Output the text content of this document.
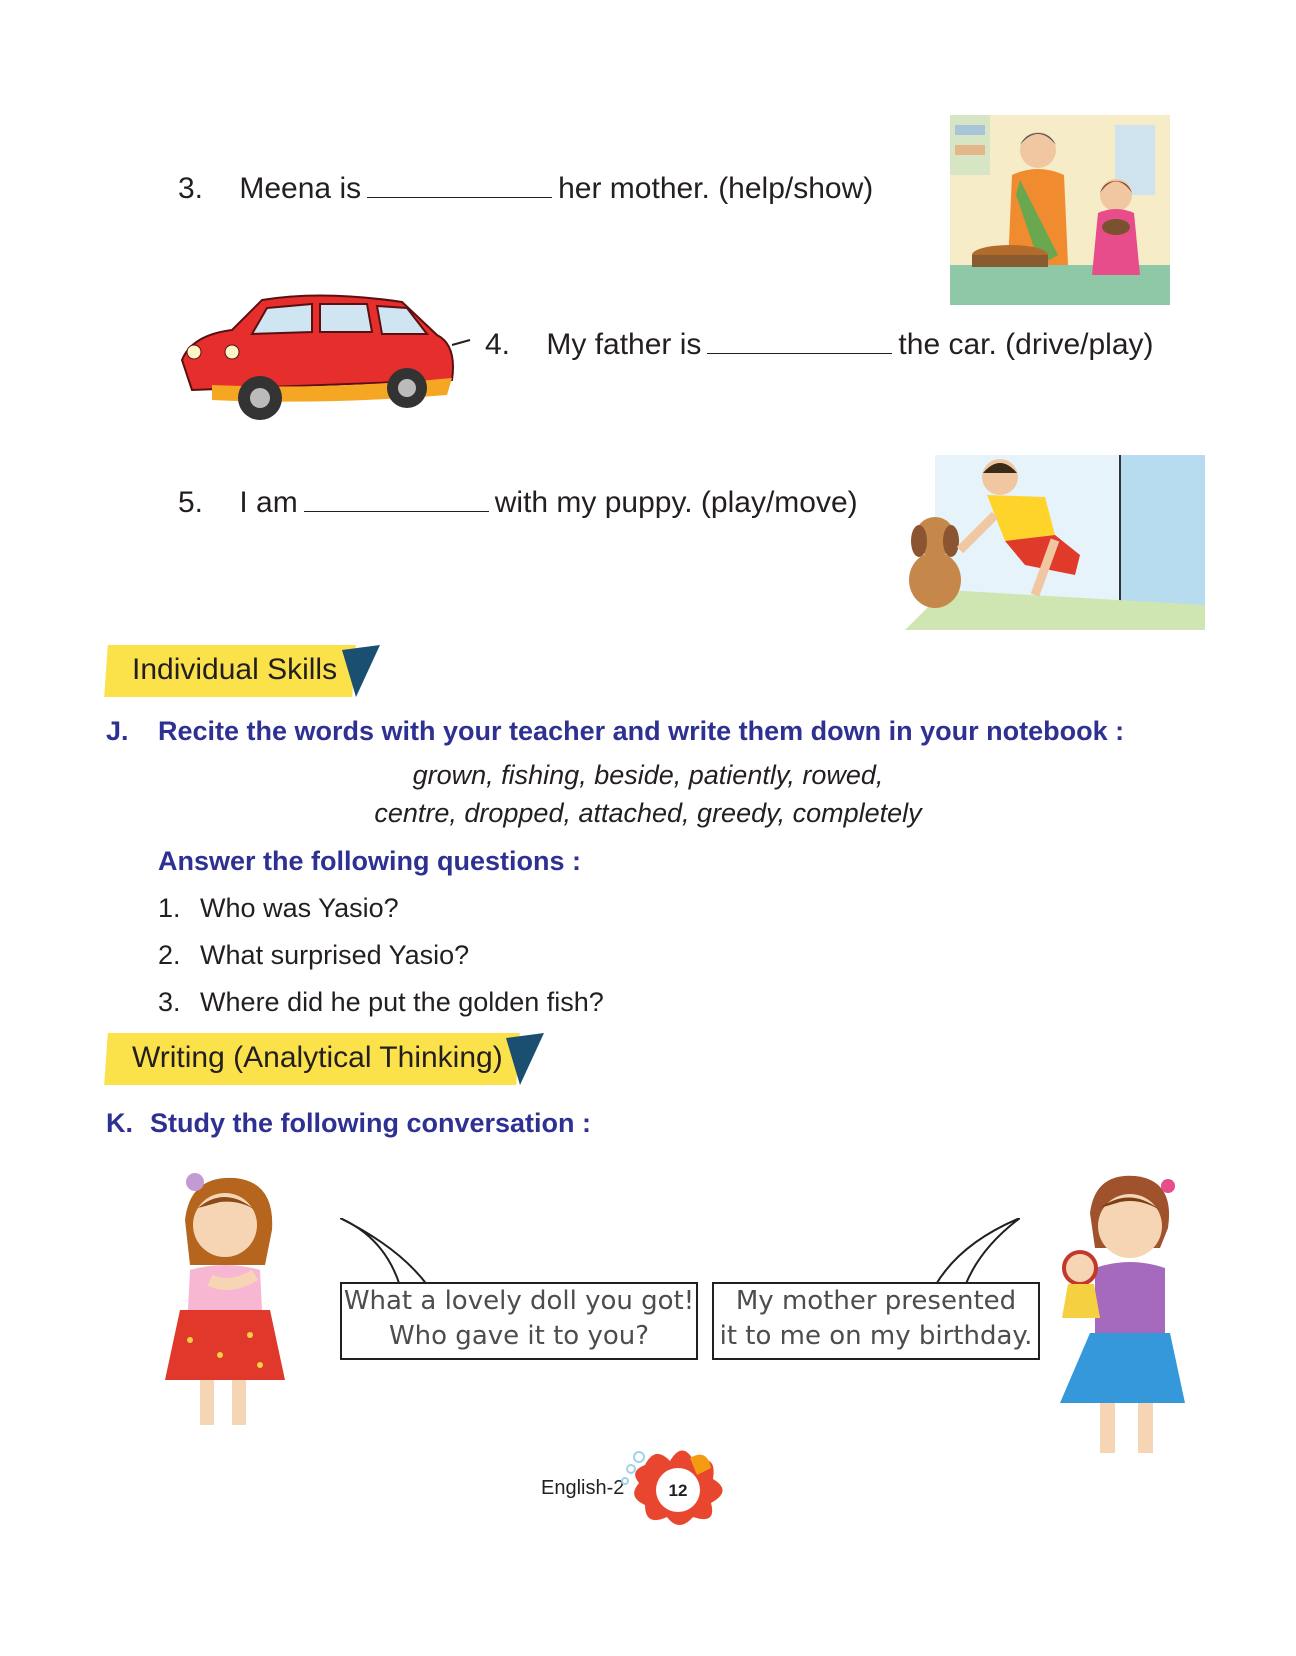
3. Meena is	her mother. (help/show)
4. My father is	the car. (drive/play)
5. I am	with my puppy. (play/move)
Individual Skills
J. Recite the words with your teacher and write them down in your notebook :
grown, fishing, beside, patiently, rowed,
centre, dropped, attached, greedy, completely
Answer the following questions :
1. Who was Yasio?
2. What surprised Yasio?
3. Where did he put the golden fish?
Writing (Analytical Thinking)
K. Study the following conversation :
What a lovely doll you got!
Who gave it to you?
My mother presented
it to me on my birthday.
English-2	12
